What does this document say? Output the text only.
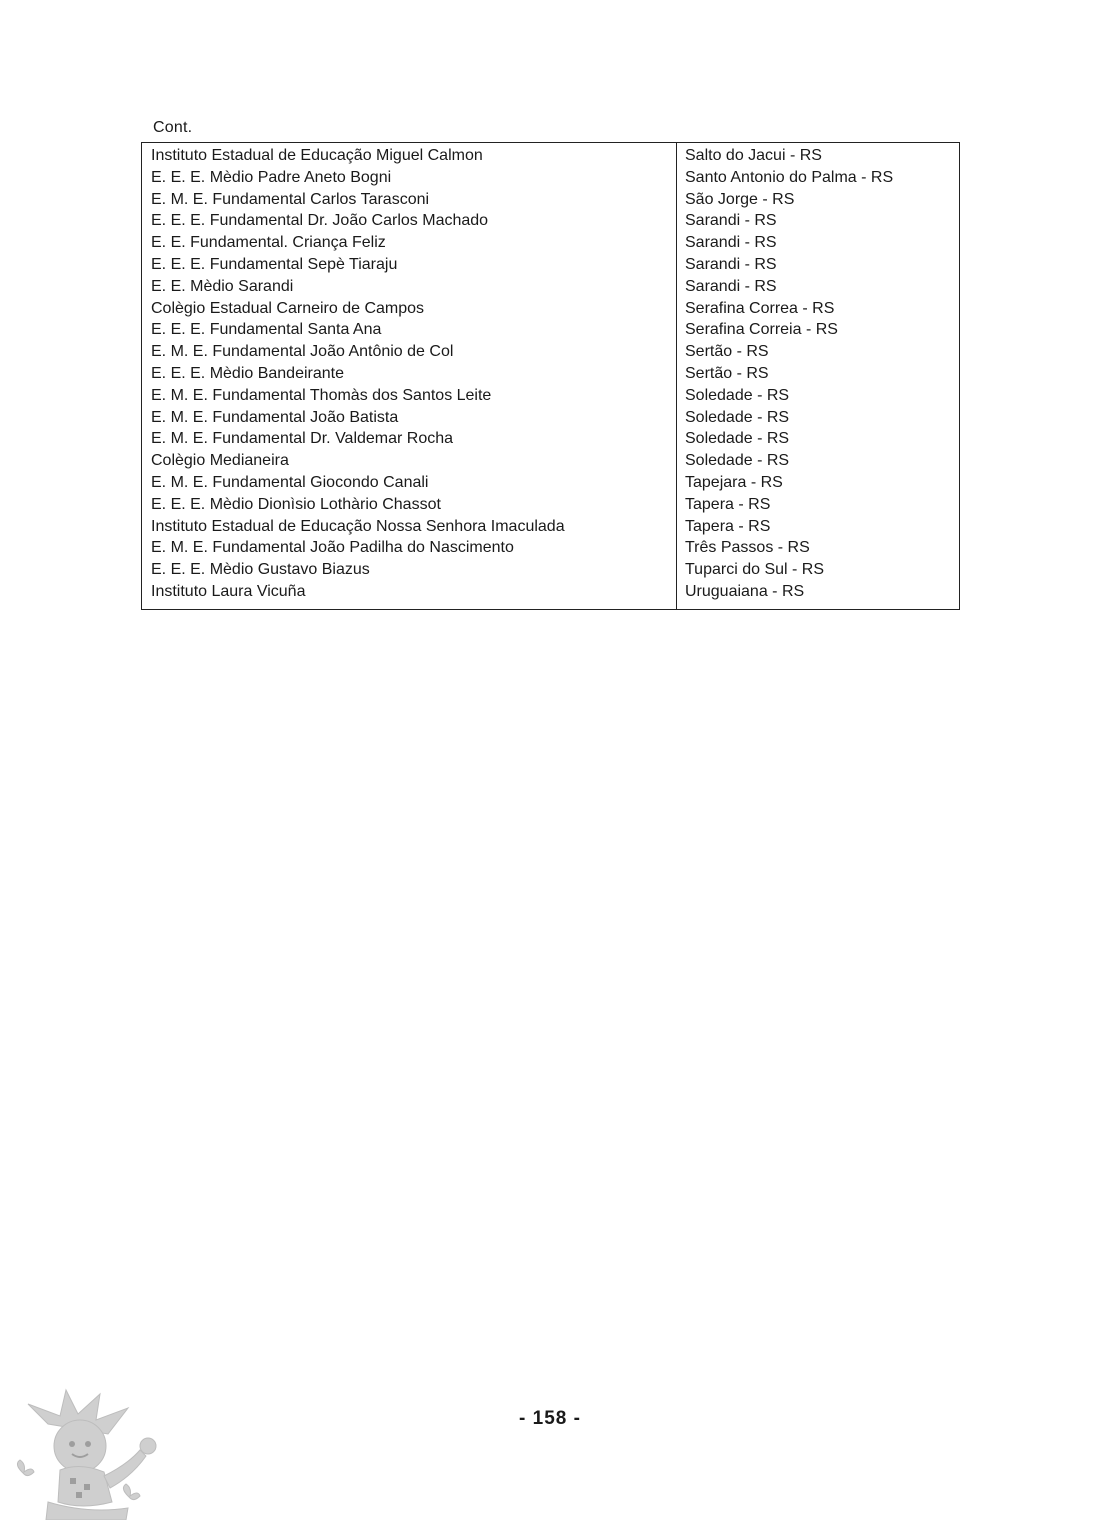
Cont.
Instituto Estadual de Educação Miguel Calmon	Salto do Jacui - RS
E. E. E. Mèdio Padre Aneto Bogni	Santo Antonio do Palma - RS
E. M. E. Fundamental Carlos Tarasconi	São Jorge - RS
E. E. E. Fundamental Dr. João Carlos Machado	Sarandi - RS
E. E. Fundamental. Criança Feliz	Sarandi - RS
E. E. E. Fundamental Sepè Tiaraju	Sarandi - RS
E. E. Mèdio Sarandi	Sarandi - RS
Colègio Estadual Carneiro de Campos	Serafina Correa - RS
E. E. E. Fundamental Santa Ana	Serafina Correia - RS
E. M. E. Fundamental João Antônio de Col	Sertão - RS
E. E. E. Mèdio Bandeirante	Sertão - RS
E. M. E. Fundamental Thomàs dos Santos Leite	Soledade - RS
E. M. E. Fundamental João Batista	Soledade - RS
E. M. E. Fundamental Dr. Valdemar Rocha	Soledade - RS
Colègio Medianeira	Soledade - RS
E. M. E. Fundamental Giocondo Canali	Tapejara - RS
E. E. E. Mèdio Dionìsio Lothàrio Chassot	Tapera - RS
Instituto Estadual de Educação Nossa Senhora Imaculada	Tapera - RS
E. M. E. Fundamental João Padilha do Nascimento	Três Passos - RS
E. E. E. Mèdio Gustavo Biazus	Tuparci do Sul - RS
Instituto Laura Vicuña	Uruguaiana - RS
- 158 -
